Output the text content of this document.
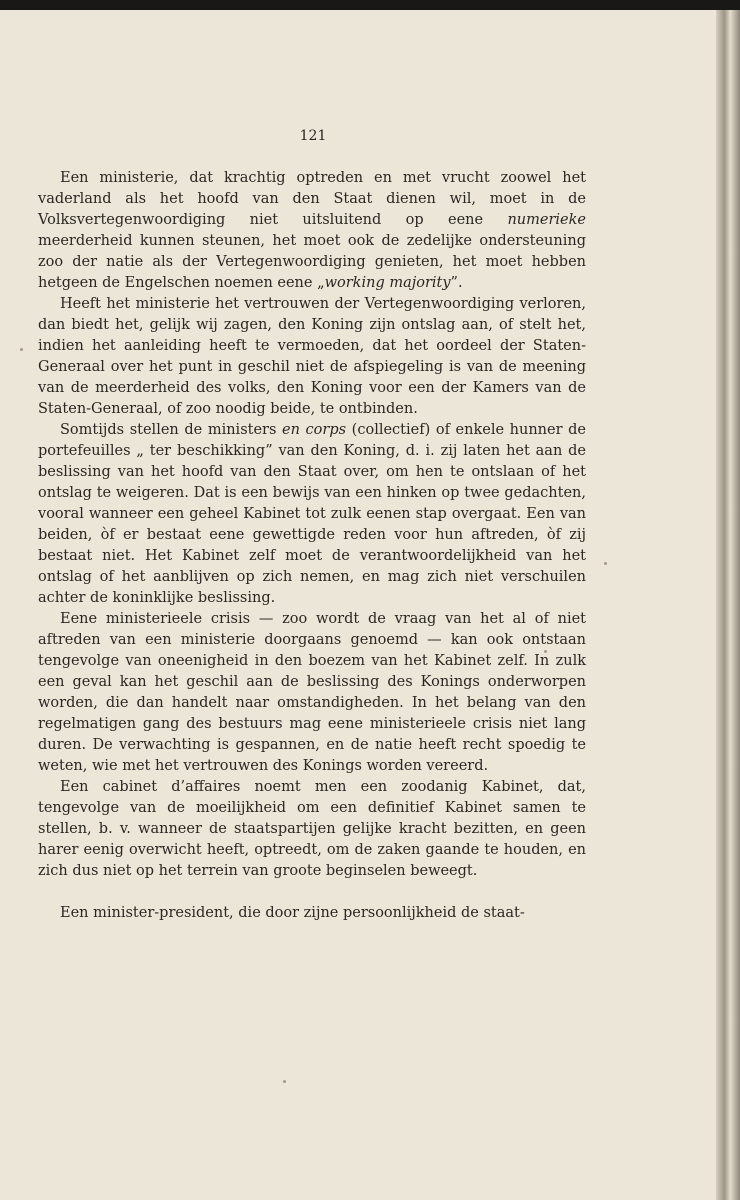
121

Een ministerie, dat krachtig optreden en met vrucht zoowel het vaderland als het hoofd van den Staat dienen wil, moet in de Volksvertegenwoordiging niet uitsluitend op eene numerieke meerderheid kunnen steunen, het moet ook de zedelijke ondersteuning zoo der natie als der Vertegenwoordiging genieten, het moet hebben hetgeen de Engelschen noemen eene „working majority”.

Heeft het ministerie het vertrouwen der Vertegenwoordiging verloren, dan biedt het, gelijk wij zagen, den Koning zijn ontslag aan, of stelt het, indien het aanleiding heeft te vermoeden, dat het oordeel der Staten-Generaal over het punt in geschil niet de afspiegeling is van de meening van de meerderheid des volks, den Koning voor een der Kamers van de Staten-Generaal, of zoo noodig beide, te ontbinden.

Somtijds stellen de ministers en corps (collectief) of enkele hunner de portefeuilles „ ter beschikking” van den Koning, d. i. zij laten het aan de beslissing van het hoofd van den Staat over, om hen te ontslaan of het ontslag te weigeren. Dat is een bewijs van een hinken op twee gedachten, vooral wanneer een geheel Kabinet tot zulk eenen stap overgaat. Een van beiden, òf er bestaat eene gewettigde reden voor hun aftreden, òf zij bestaat niet. Het Kabinet zelf moet de verantwoordelijkheid van het ontslag of het aanblijven op zich nemen, en mag zich niet verschuilen achter de koninklijke beslissing.

Eene ministerieele crisis — zoo wordt de vraag van het al of niet aftreden van een ministerie doorgaans genoemd — kan ook ontstaan tengevolge van oneenigheid in den boezem van het Kabinet zelf. In zulk een geval kan het geschil aan de beslissing des Konings onderworpen worden, die dan handelt naar omstandigheden. In het belang van den regelmatigen gang des bestuurs mag eene ministerieele crisis niet lang duren. De verwachting is gespannen, en de natie heeft recht spoedig te weten, wie met het vertrouwen des Konings worden vereerd.

Een cabinet d’affaires noemt men een zoodanig Kabinet, dat, tengevolge van de moeilijkheid om een definitief Kabinet samen te stellen, b. v. wanneer de staatspartijen gelijke kracht bezitten, en geen harer eenig overwicht heeft, optreedt, om de zaken gaande te houden, en zich dus niet op het terrein van groote beginselen beweegt.

Een minister-president, die door zijne persoonlijkheid de staat-
